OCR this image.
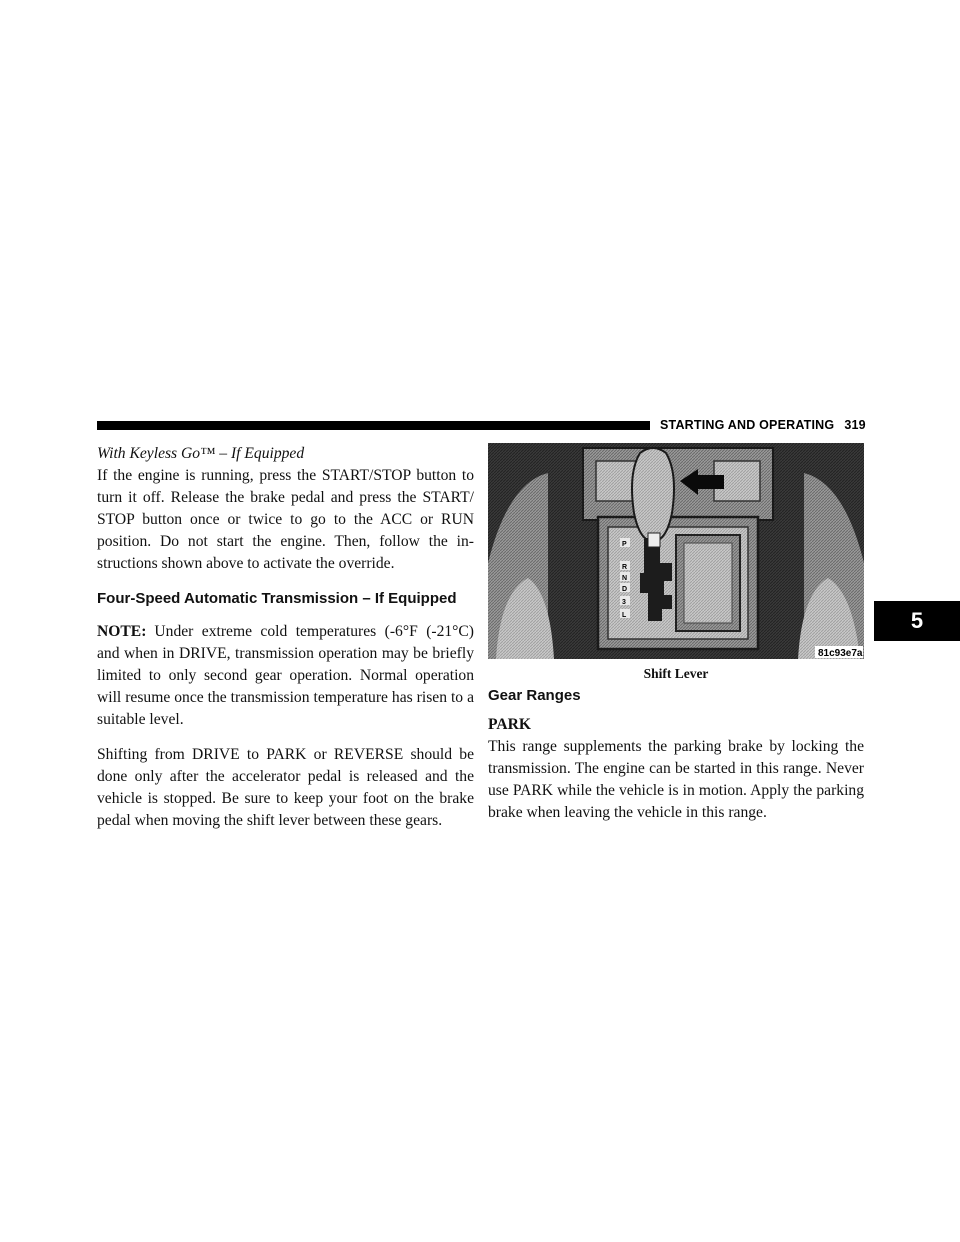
STARTING AND OPERATING 319
With Keyless Go™ – If Equipped

If the engine is running, press the START/STOP button to turn it off. Release the brake pedal and press the START/ STOP button once or twice to go to the ACC or RUN position. Do not start the engine. Then, follow the in- structions shown above to activate the override.

Four-Speed Automatic Transmission – If Equipped

NOTE: Under extreme cold temperatures (-6°F (-21°C) and when in DRIVE, transmission operation may be briefly limited to only second gear operation. Normal operation will resume once the transmission temperature has risen to a suitable level.

Shifting from DRIVE to PARK or REVERSE should be done only after the accelerator pedal is released and the vehicle is stopped. Be sure to keep your foot on the brake pedal when moving the shift lever between these gears.

P
R
N
D
3
L
81c93e7a
Shift Lever
Gear Ranges
PARK

This range supplements the parking brake by locking the transmission. The engine can be started in this range. Never use PARK while the vehicle is in motion. Apply the parking brake when leaving the vehicle in this range.

5
